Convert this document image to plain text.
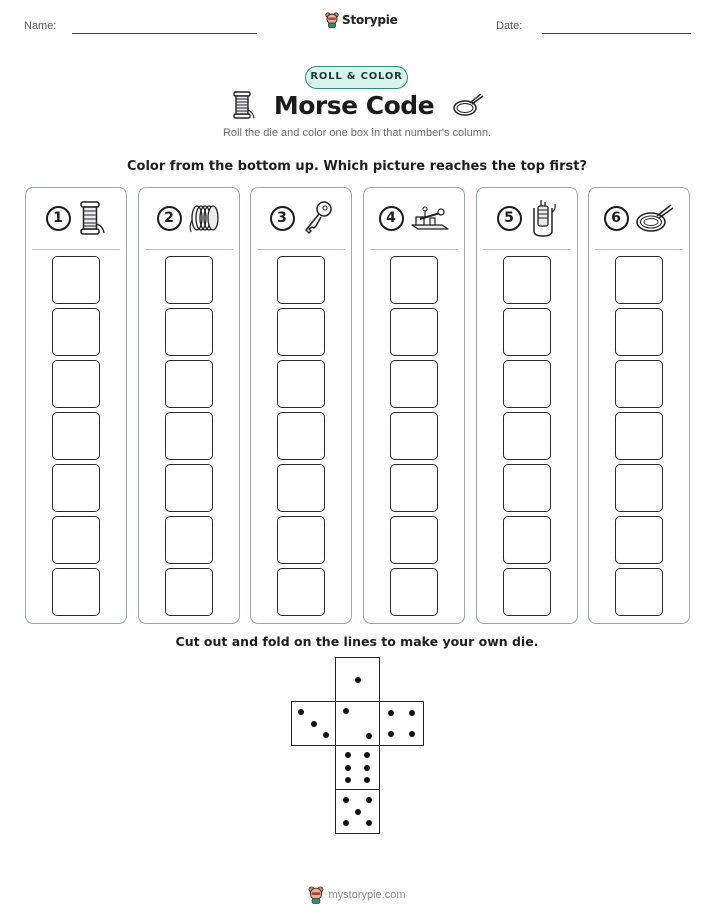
Name:	Storypie	Date:
ROLL & COLOR
Morse Code
Roll the die and color one box in that number's column.
Color from the bottom up. Which picture reaches the top first?
1	2	3	4	5	6
Cut out and fold on the lines to make your own die.
mystorypie.com
